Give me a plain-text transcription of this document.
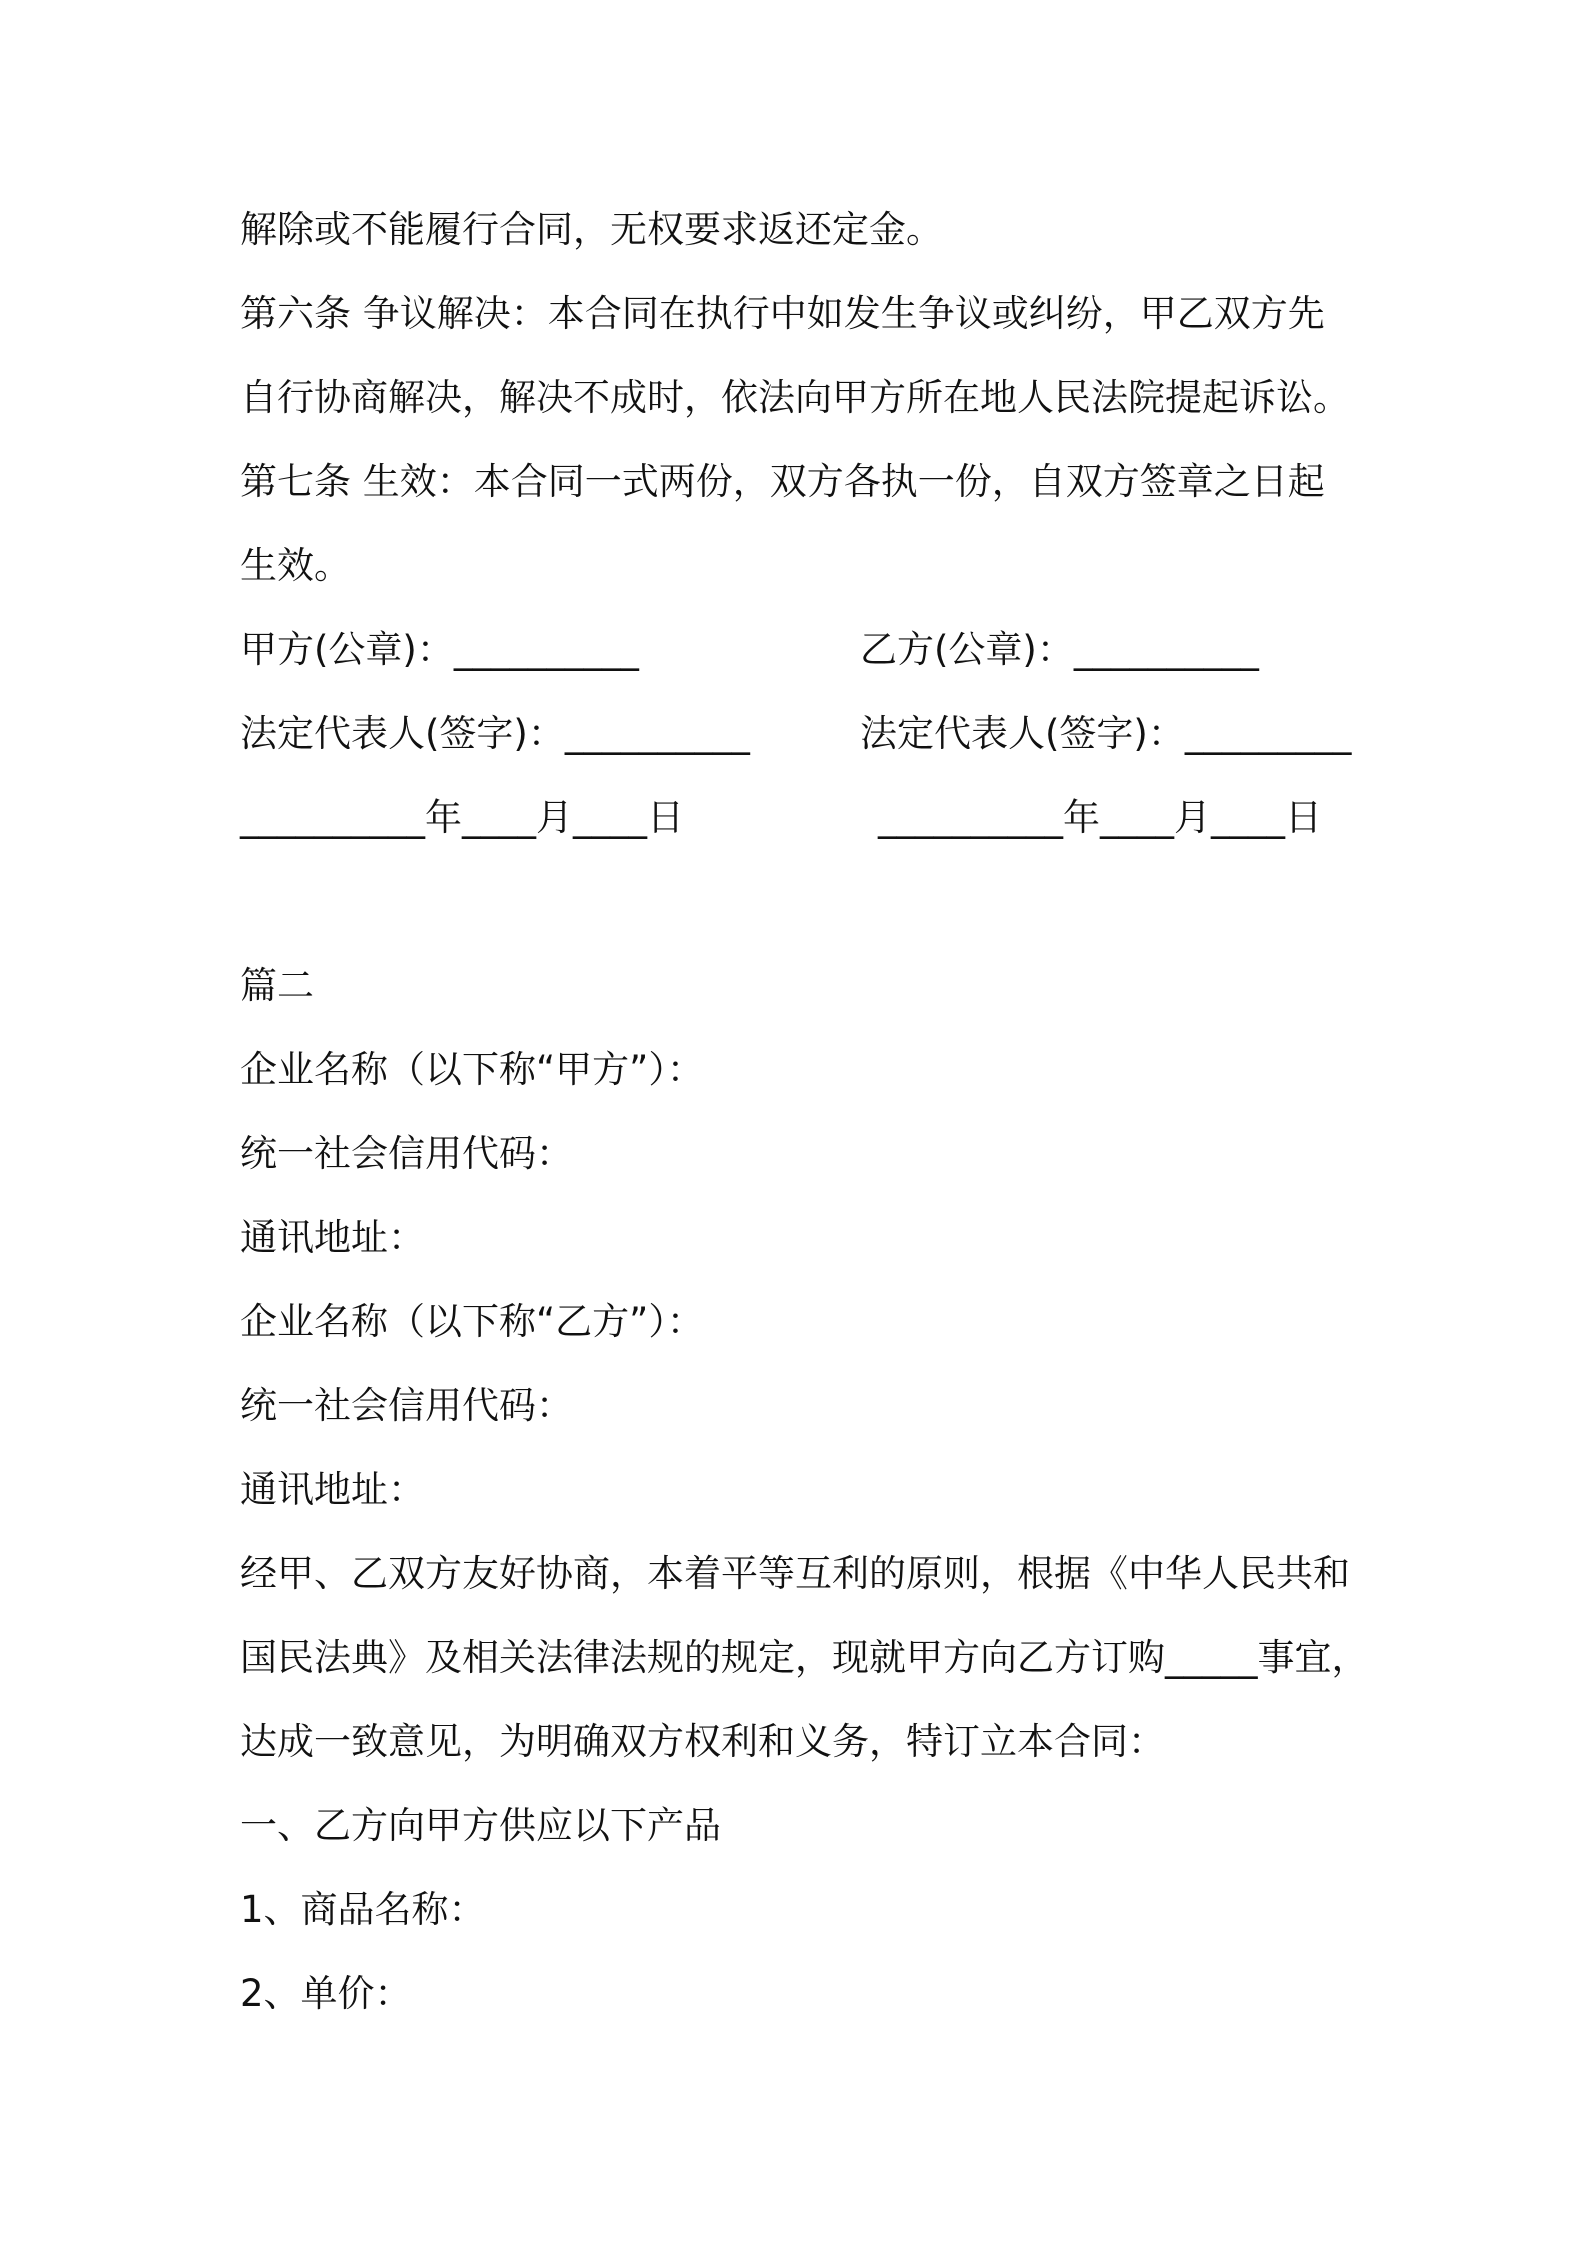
解除或不能履行合同，无权要求返还定金。
第六条 争议解决：本合同在执行中如发生争议或纠纷，甲乙双方先
自行协商解决，解决不成时，依法向甲方所在地人民法院提起诉讼。
第七条 生效：本合同一式两份，双方各执一份，自双方签章之日起
生效。
甲方(公章)：__________	乙方(公章)：__________
法定代表人(签字)：__________	法定代表人(签字)：_________
__________年____月____日	__________年____月____日
篇二
企业名称（以下称“甲方”）：
统一社会信用代码：
通讯地址：
企业名称（以下称“乙方”）：
统一社会信用代码：
通讯地址：
经甲、乙双方友好协商，本着平等互利的原则，根据《中华人民共和
国民法典》及相关法律法规的规定，现就甲方向乙方订购_____事宜，
达成一致意见，为明确双方权利和义务，特订立本合同：
一、乙方向甲方供应以下产品
1、商品名称：
2、单价：
